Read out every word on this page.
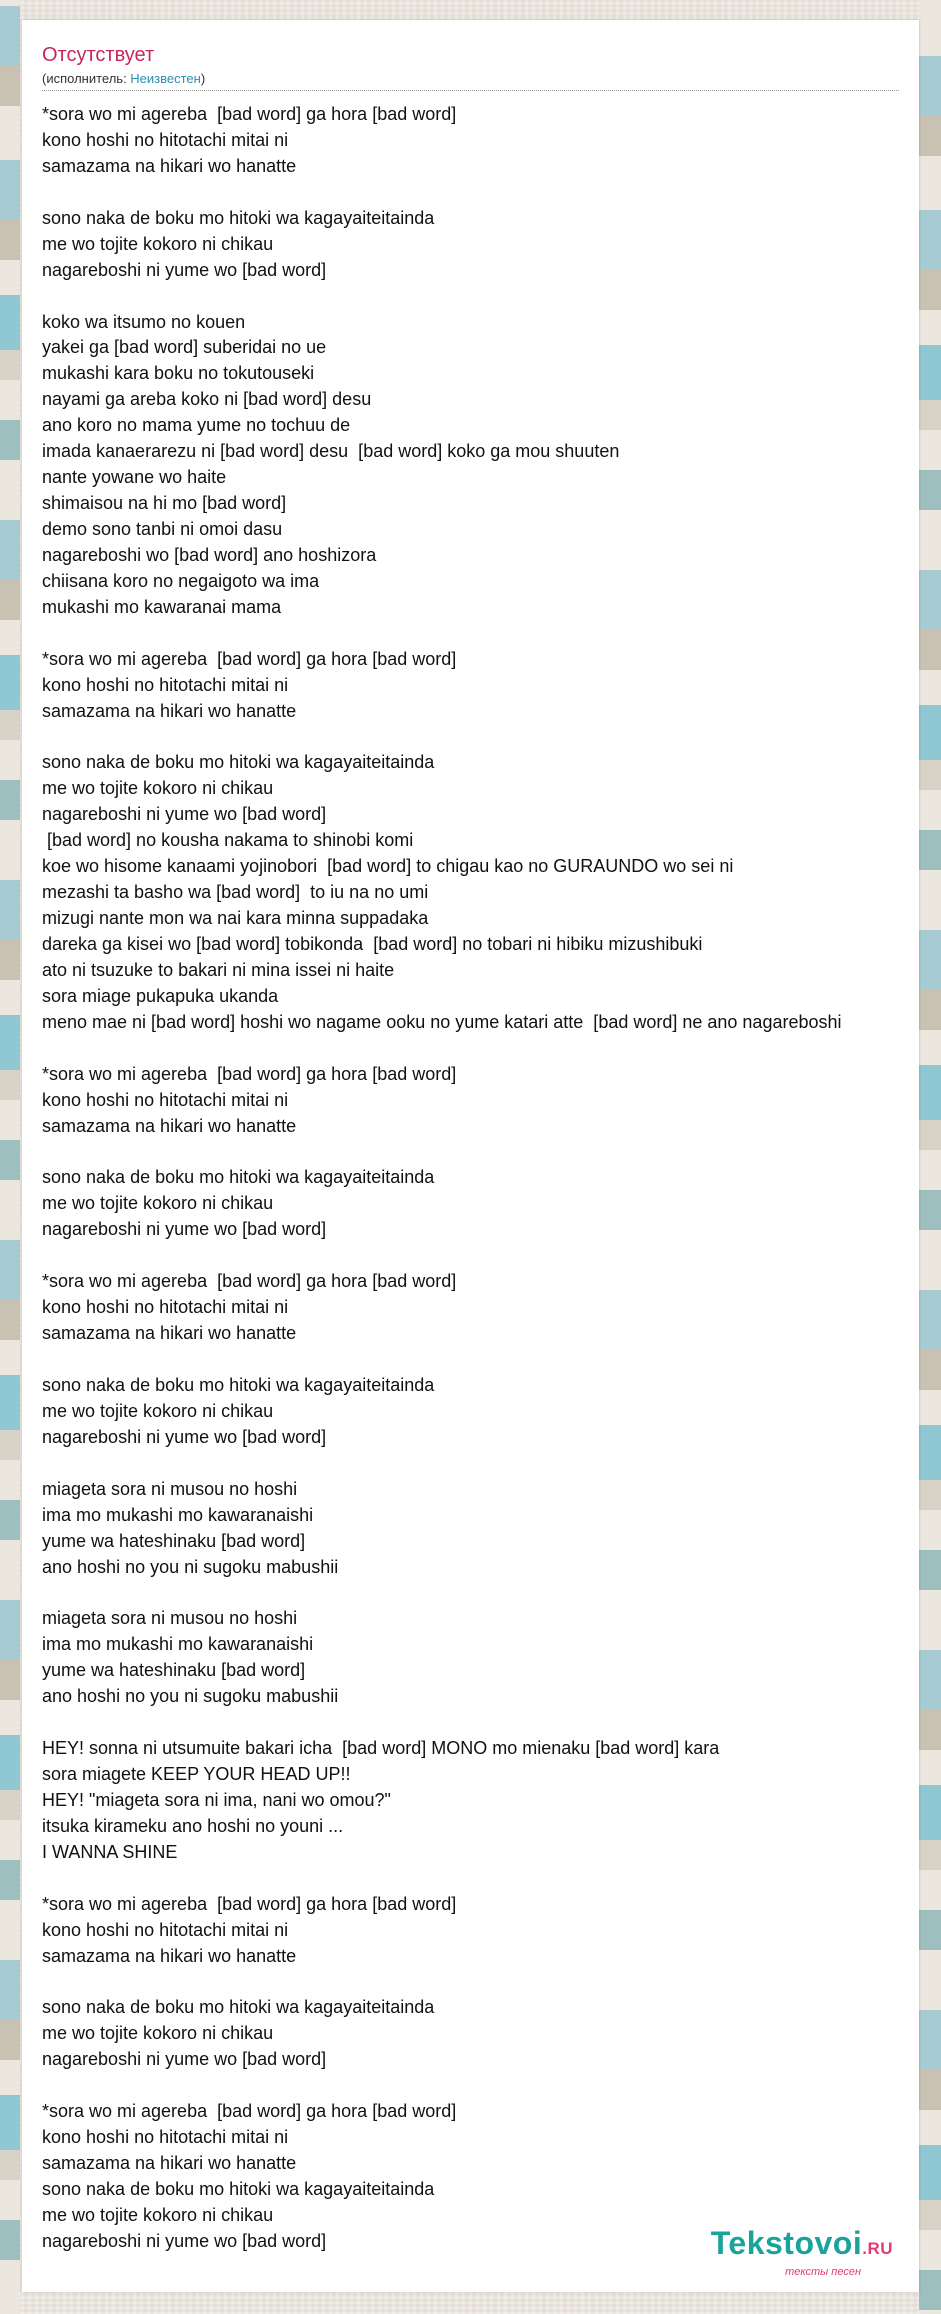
Отсутствует
(исполнитель: Неизвестен)
*sora wo mi agereba  [bad word] ga hora [bad word]
kono hoshi no hitotachi mitai ni
samazama na hikari wo hanatte
sono naka de boku mo hitoki wa kagayaiteitainda
me wo tojite kokoro ni chikau
nagareboshi ni yume wo [bad word]
koko wa itsumo no kouen
yakei ga [bad word] suberidai no ue
mukashi kara boku no tokutouseki
nayami ga areba koko ni [bad word] desu
ano koro no mama yume no tochuu de
imada kanaerarezu ni [bad word] desu  [bad word] koko ga mou shuuten
nante yowane wo haite
shimaisou na hi mo [bad word]
demo sono tanbi ni omoi dasu
nagareboshi wo [bad word] ano hoshizora
chiisana koro no negaigoto wa ima
mukashi mo kawaranai mama
*sora wo mi agereba  [bad word] ga hora [bad word]
kono hoshi no hitotachi mitai ni
samazama na hikari wo hanatte
sono naka de boku mo hitoki wa kagayaiteitainda
me wo tojite kokoro ni chikau
nagareboshi ni yume wo [bad word]
[bad word] no kousha nakama to shinobi komi
koe wo hisome kanaami yojinobori  [bad word] to chigau kao no GURAUNDO wo sei ni
mezashi ta basho wa [bad word]  to iu na no umi
mizugi nante mon wa nai kara minna suppadaka
dareka ga kisei wo [bad word] tobikonda  [bad word] no tobari ni hibiku mizushibuki
ato ni tsuzuke to bakari ni mina issei ni haite
sora miage pukapuka ukanda
meno mae ni [bad word] hoshi wo nagame ooku no yume katari atte  [bad word] ne ano nagareboshi
*sora wo mi agereba  [bad word] ga hora [bad word]
kono hoshi no hitotachi mitai ni
samazama na hikari wo hanatte
sono naka de boku mo hitoki wa kagayaiteitainda
me wo tojite kokoro ni chikau
nagareboshi ni yume wo [bad word]
*sora wo mi agereba  [bad word] ga hora [bad word]
kono hoshi no hitotachi mitai ni
samazama na hikari wo hanatte
sono naka de boku mo hitoki wa kagayaiteitainda
me wo tojite kokoro ni chikau
nagareboshi ni yume wo [bad word]
miageta sora ni musou no hoshi
ima mo mukashi mo kawaranaishi
yume wa hateshinaku [bad word]
ano hoshi no you ni sugoku mabushii
miageta sora ni musou no hoshi
ima mo mukashi mo kawaranaishi
yume wa hateshinaku [bad word]
ano hoshi no you ni sugoku mabushii
HEY! sonna ni utsumuite bakari icha  [bad word] MONO mo mienaku [bad word] kara
sora miagete KEEP YOUR HEAD UP!!
HEY! "miageta sora ni ima, nani wo omou?"
itsuka kirameku ano hoshi no youni ...
I WANNA SHINE
*sora wo mi agereba  [bad word] ga hora [bad word]
kono hoshi no hitotachi mitai ni
samazama na hikari wo hanatte
sono naka de boku mo hitoki wa kagayaiteitainda
me wo tojite kokoro ni chikau
nagareboshi ni yume wo [bad word]
*sora wo mi agereba  [bad word] ga hora [bad word]
kono hoshi no hitotachi mitai ni
samazama na hikari wo hanatte
sono naka de boku mo hitoki wa kagayaiteitainda
me wo tojite kokoro ni chikau
nagareboshi ni yume wo [bad word]	Tekstovoi.RU
тексты песен
